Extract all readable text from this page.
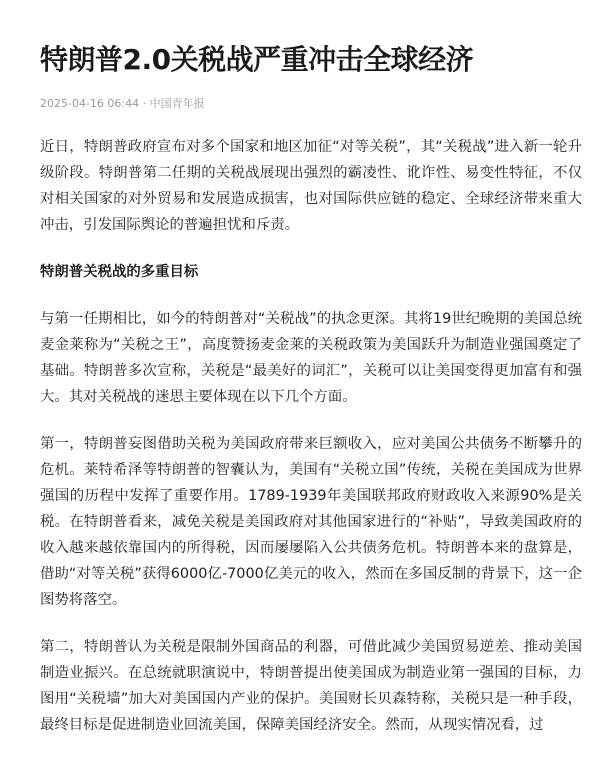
特朗普2.0关税战严重冲击全球经济
2025-04-16 06:44 · 中国青年报

近日，特朗普政府宣布对多个国家和地区加征“对等关税”，其“关税战”进入新一轮升级阶段。特朗普第二任期的关税战展现出强烈的霸凌性、讹诈性、易变性特征，不仅对相关国家的对外贸易和发展造成损害，也对国际供应链的稳定、全球经济带来重大冲击，引发国际舆论的普遍担忧和斥责。

特朗普关税战的多重目标

与第一任期相比，如今的特朗普对“关税战”的执念更深。其将19世纪晚期的美国总统麦金莱称为“关税之王”，高度赞扬麦金莱的关税政策为美国跃升为制造业强国奠定了基础。特朗普多次宣称，关税是“最美好的词汇”，关税可以让美国变得更加富有和强大。其对关税战的迷思主要体现在以下几个方面。

第一，特朗普妄图借助关税为美国政府带来巨额收入，应对美国公共债务不断攀升的危机。莱特希泽等特朗普的智囊认为，美国有“关税立国”传统，关税在美国成为世界强国的历程中发挥了重要作用。1789-1939年美国联邦政府财政收入来源90%是关税。在特朗普看来，减免关税是美国政府对其他国家进行的“补贴”，导致美国政府的收入越来越依靠国内的所得税，因而屡屡陷入公共债务危机。特朗普本来的盘算是，借助“对等关税”获得6000亿-7000亿美元的收入，然而在多国反制的背景下，这一企图势将落空。

第二，特朗普认为关税是限制外国商品的利器，可借此减少美国贸易逆差、推动美国制造业振兴。在总统就职演说中，特朗普提出使美国成为制造业第一强国的目标，力图用“关税墙”加大对美国国内产业的保护。美国财长贝森特称，关税只是一种手段，最终目标是促进制造业回流美国，保障美国经济安全。然而，从现实情况看，过
